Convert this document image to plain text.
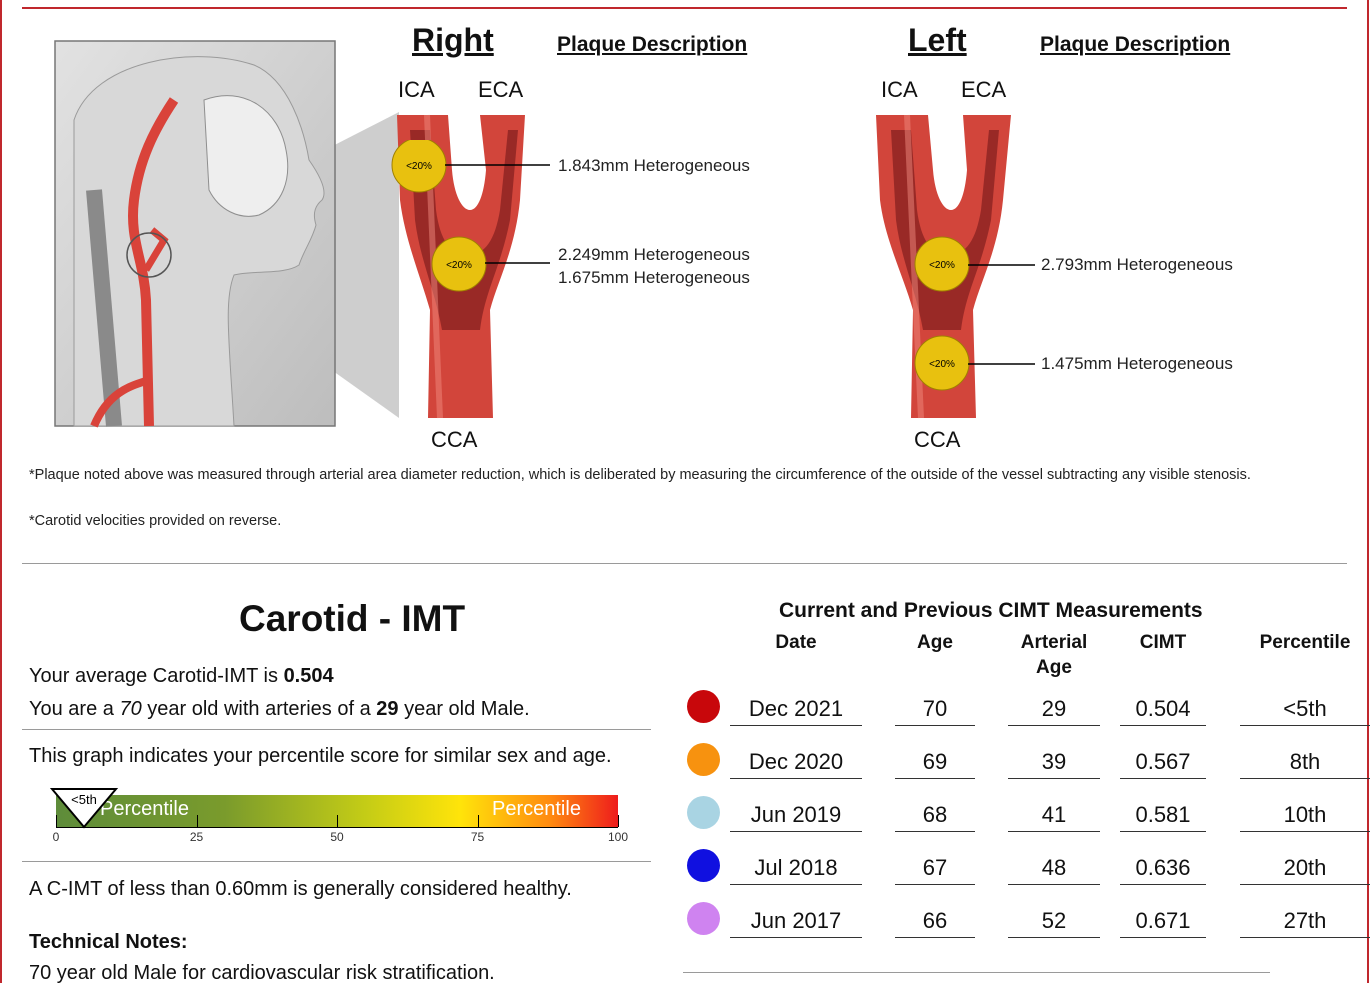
Right	Plaque Description
ICA ECA
CCA
<20%
<20%
1.843mm Heterogeneous
2.249mm Heterogeneous
1.675mm Heterogeneous
Left	Plaque Description
ICA ECA
CCA
<20%
<20%
2.793mm Heterogeneous
1.475mm Heterogeneous
*Plaque noted above was measured through arterial area diameter reduction, which is deliberated by measuring the circumference of the outside of the vessel subtracting any visible stenosis.
*Carotid velocities provided on reverse.
Carotid - IMT
Your average Carotid-IMT is 0.504
You are a 70 year old with arteries of a 29 year old Male.
This graph indicates your percentile score for similar sex and age.
Percentile	Percentile
0	25	50	75	100
<5th
A C-IMT of less than 0.60mm is generally considered healthy.
Technical Notes:
70 year old Male for cardiovascular risk stratification.
Current and Previous CIMT Measurements
Date	Age	Arterial Age
CIMT	Percentile
Dec 2021	70	29	0.504	<5th
Dec 2020	69	39	0.567	8th
Jun 2019	68	41	0.581	10th
Jul 2018	67	48	0.636	20th
Jun 2017	66	52	0.671	27th
